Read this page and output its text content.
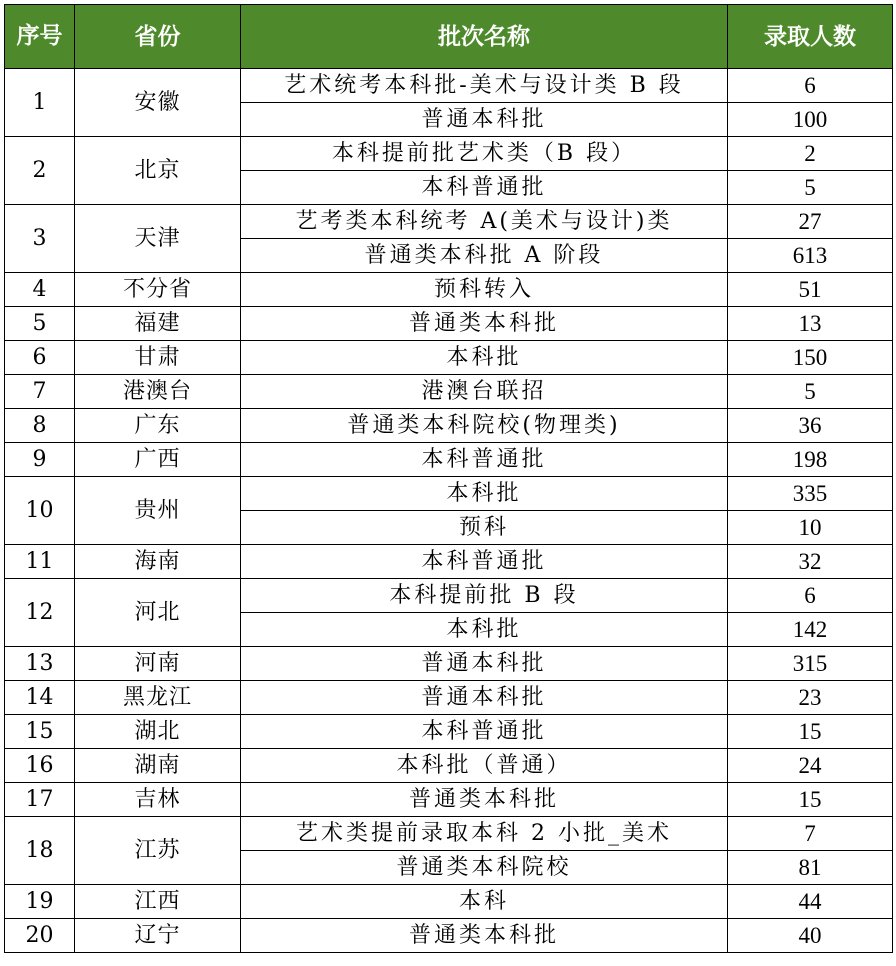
序号	省份	批次名称	录取人数
1	安徽	艺术统考本科批-美术与设计类 B 段	6
		普通本科批	100
2	北京	本科提前批艺术类（B 段）	2
		本科普通批	5
3	天津	艺考类本科统考 A(美术与设计)类	27
		普通类本科批 A 阶段	613
4	不分省	预科转入	51
5	福建	普通类本科批	13
6	甘肃	本科批	150
7	港澳台	港澳台联招	5
8	广东	普通类本科院校(物理类)	36
9	广西	本科普通批	198
10	贵州	本科批	335
		预科	10
11	海南	本科普通批	32
12	河北	本科提前批 B 段	6
		本科批	142
13	河南	普通本科批	315
14	黑龙江	普通本科批	23
15	湖北	本科普通批	15
16	湖南	本科批（普通）	24
17	吉林	普通类本科批	15
18	江苏	艺术类提前录取本科 2 小批_美术	7
		普通类本科院校	81
19	江西	本科	44
20	辽宁	普通类本科批	40
